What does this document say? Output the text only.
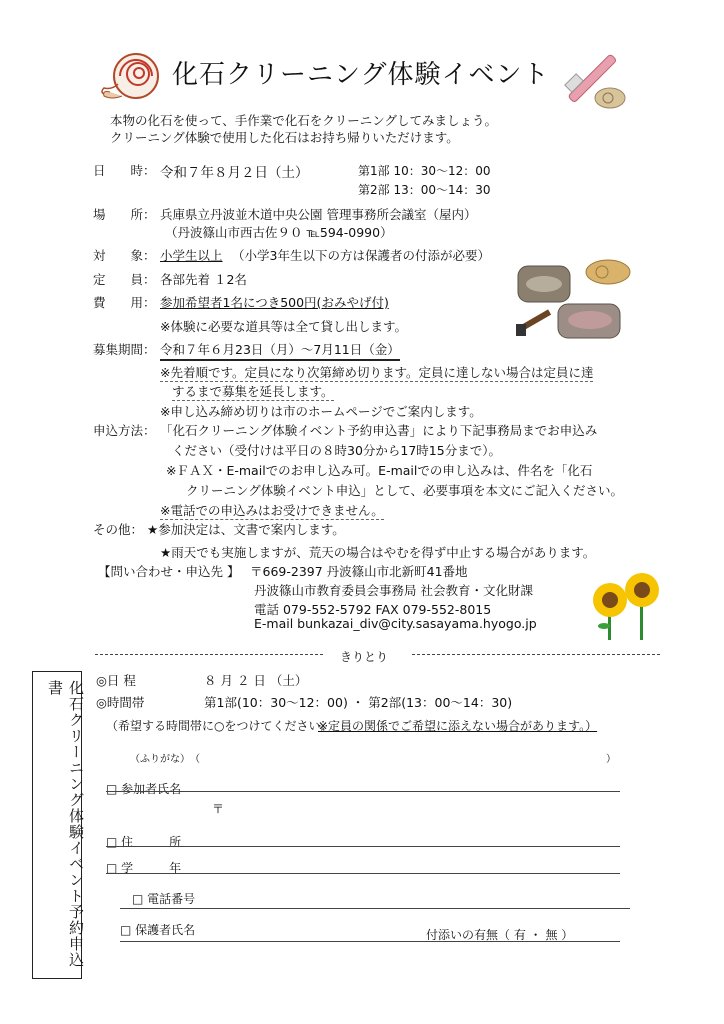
化石クリーニング体験イベント
本物の化石を使って、手作業で化石をクリーニングしてみましょう。
クリーニング体験で使用した化石はお持ち帰りいただけます。
日　　時： 令和７年８月２日（土）	第1部 10：30〜12：00
第2部 13：00〜14：30
場　　所： 兵庫県立丹波並木道中央公園 管理事務所会議室（屋内）
（丹波篠山市西古佐９０ ℡594-0990）
対　　象： 小学生以上 （小学3年生以下の方は保護者の付添が必要）
定　　員： 各部先着 １2名
費　　用： 参加希望者1名につき500円(おみやげ付)
※体験に必要な道具等は全て貸し出します。
募集期間： 令和７年６月23日（月）〜7月11日（金）
※先着順です。定員になり次第締め切ります。定員に達しない場合は定員に達
するまで募集を延長します。
※申し込み締め切りは市のホームページでご案内します。
申込方法： 「化石クリーニング体験イベント予約申込書」により下記事務局までお申込み
ください（受付けは平日の８時30分から17時15分まで）。
※ＦＡＸ・E-mailでのお申し込み可。E-mailでの申し込みは、件名を「化石
クリーニング体験イベント申込」として、必要事項を本文にご記入ください。
※電話での申込みはお受けできません。
その他： ★参加決定は、文書で案内します。
★雨天でも実施しますが、荒天の場合はやむを得ず中止する場合があります。
【問い合わせ・申込先 】 〒669-2397 丹波篠山市北新町41番地
丹波篠山市教育委員会事務局 社会教育・文化財課
電話 079-552-5792 FAX 079-552-8015
E-mail bunkazai_div@city.sasayama.hyogo.jp
きりとり
化石クリーニング体験イベント予約申込書	◎日 程	８ 月 ２ 日 （土）
◎時間帯	第1部(10：30〜12：00) ・ 第2部(13：00〜14：30)
（希望する時間帯に○をつけてください。
※定員の関係でご希望に添えない場合があります。）
（ふりがな）　（	）
□ 参加者氏名
〒
□ 住　　　所
□ 学　　　年
□ 電話番号
□ 保護者氏名	付添いの有無（ 有 ・ 無 ）
